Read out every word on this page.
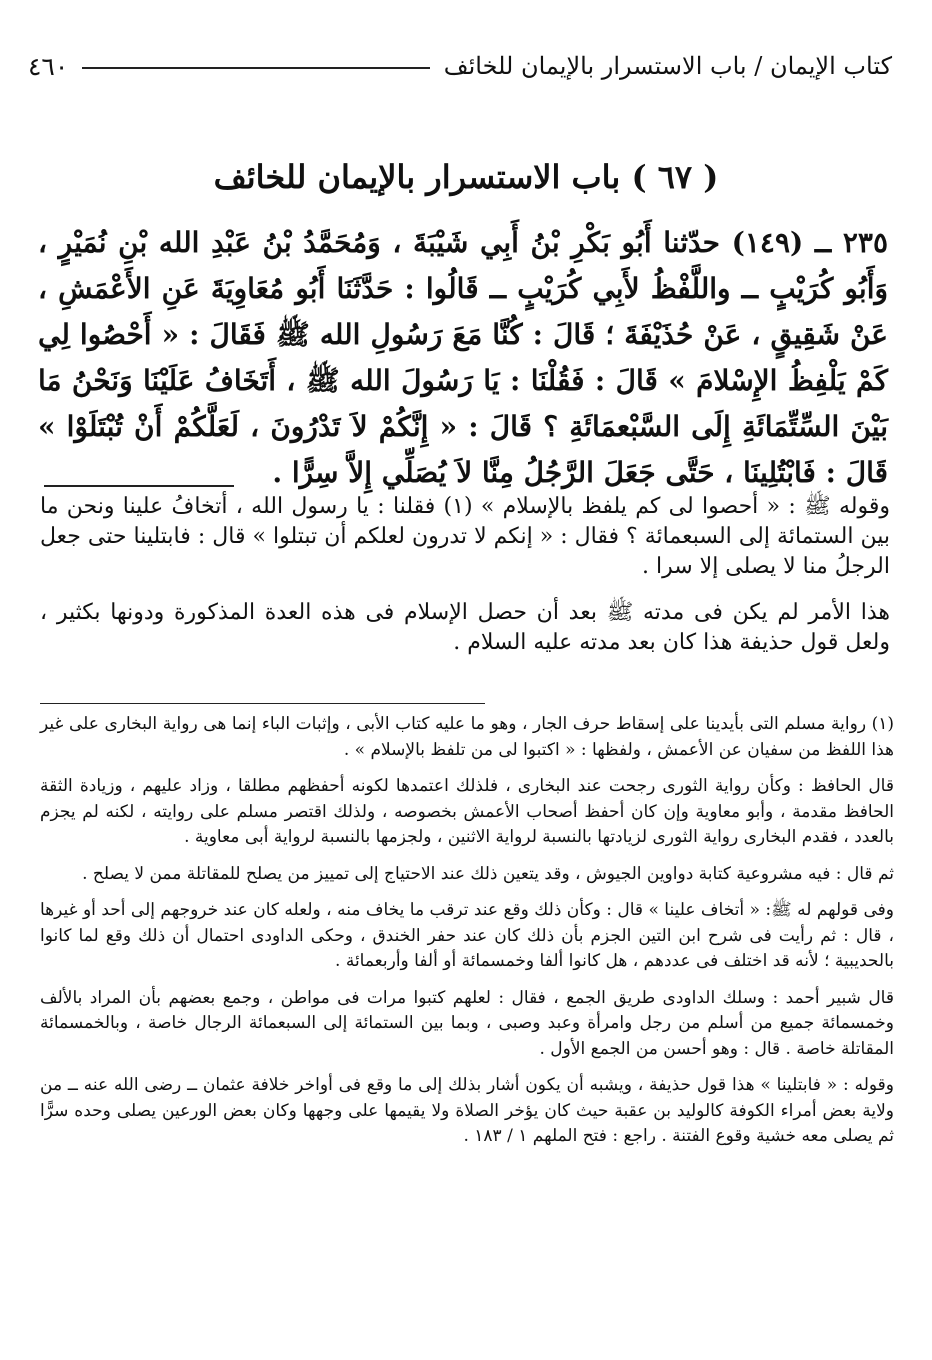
كتاب الإيمان / باب الاستسرار بالإيمان للخائف
٤٦٠
( ٦٧ ) باب الاستسرار بالإيمان للخائف
٢٣٥ ــ (١٤٩) حدّثنا أَبُو بَكْرِ بْنُ أَبِي شَيْبَةَ ، وَمُحَمَّدُ بْنُ عَبْدِ الله بْنِ نُمَيْرٍ ، وَأَبُو كُرَيْبٍ ــ واللَّفْظُ لأَبِي كُرَيْبٍ ــ قَالُوا : حَدَّثَنَا أَبُو مُعَاوِيَةَ عَنِ الأَعْمَشِ ، عَنْ شَقِيقٍ ، عَنْ حُذَيْفَةَ ؛ قَالَ : كُنَّا مَعَ رَسُولِ الله ﷺ فَقَالَ : « أَحْصُوا لِي كَمْ يَلْفِظُ الإِسْلامَ » قَالَ : فَقُلْنَا : يَا رَسُولَ الله ﷺ ، أَتَخَافُ عَلَيْنَا وَنَحْنُ مَا بَيْنَ السِّتِّمَائَةِ إِلَى السَّبْعمَائَةِ ؟ قَالَ : « إِنَّكُمْ لاَ تَدْرُونَ ، لَعَلَّكُمْ أَنْ تُبْتَلَوْا » قَالَ : فَابْتُلِينَا ، حَتَّى جَعَلَ الرَّجُلُ مِنَّا لاَ يُصَلِّي إِلاَّ سِرًّا .

وقوله ﷺ : « أحصوا لى كم يلفظ بالإسلام » (١) فقلنا : يا رسول الله ، أتخافُ علينا ونحن ما بين الستمائة إلى السبعمائة ؟ فقال : « إنكم لا تدرون لعلكم أن تبتلوا » قال : فابتلينا حتى جعل الرجلُ منا لا يصلى إلا سرا .

هذا الأمر لم يكن فى مدته ﷺ بعد أن حصل الإسلام فى هذه العدة المذكورة ودونها بكثير ، ولعل قول حذيفة هذا كان بعد مدته عليه السلام .

(١) رواية مسلم التى بأيدينا على إسقاط حرف الجار ، وهو ما عليه كتاب الأبى ، وإثبات الباء إنما هى رواية البخارى على غير هذا اللفظ من سفيان عن الأعمش ، ولفظها : « اكتبوا لى من تلفظ بالإسلام » .

قال الحافظ : وكأن رواية الثورى رجحت عند البخارى ، فلذلك اعتمدها لكونه أحفظهم مطلقا ، وزاد عليهم ، وزيادة الثقة الحافظ مقدمة ، وأبو معاوية وإن كان أحفظ أصحاب الأعمش بخصوصه ، ولذلك اقتصر مسلم على روايته ، لكنه لم يجزم بالعدد ، فقدم البخارى رواية الثورى لزيادتها بالنسبة لرواية الاثنين ، ولجزمها بالنسبة لرواية أبى معاوية .

ثم قال : فيه مشروعية كتابة دواوين الجيوش ، وقد يتعين ذلك عند الاحتياج إلى تمييز من يصلح للمقاتلة ممن لا يصلح .

وفى قولهم له ﷺ: « أتخاف علينا » قال : وكأن ذلك وقع عند ترقب ما يخاف منه ، ولعله كان عند خروجهم إلى أحد أو غيرها ، قال : ثم رأيت فى شرح ابن التين الجزم بأن ذلك كان عند حفر الخندق ، وحكى الداودى احتمال أن ذلك وقع لما كانوا بالحديبية ؛ لأنه قد اختلف فى عددهم ، هل كانوا ألفا وخمسمائة أو ألفا وأربعمائة .

قال شبير أحمد : وسلك الداودى طريق الجمع ، فقال : لعلهم كتبوا مرات فى مواطن ، وجمع بعضهم بأن المراد بالألف وخمسمائة جميع من أسلم من رجل وامرأة وعبد وصبى ، وبما بين الستمائة إلى السبعمائة الرجال خاصة ، وبالخمسمائة المقاتلة خاصة . قال : وهو أحسن من الجمع الأول .

وقوله : « فابتلينا » هذا قول حذيفة ، ويشبه أن يكون أشار بذلك إلى ما وقع فى أواخر خلافة عثمان ــ رضى الله عنه ــ من ولاية بعض أمراء الكوفة كالوليد بن عقبة حيث كان يؤخر الصلاة ولا يقيمها على وجهها وكان بعض الورعين يصلى وحده سرًّا ثم يصلى معه خشية وقوع الفتنة . راجع : فتح الملهم ١ / ١٨٣ .
